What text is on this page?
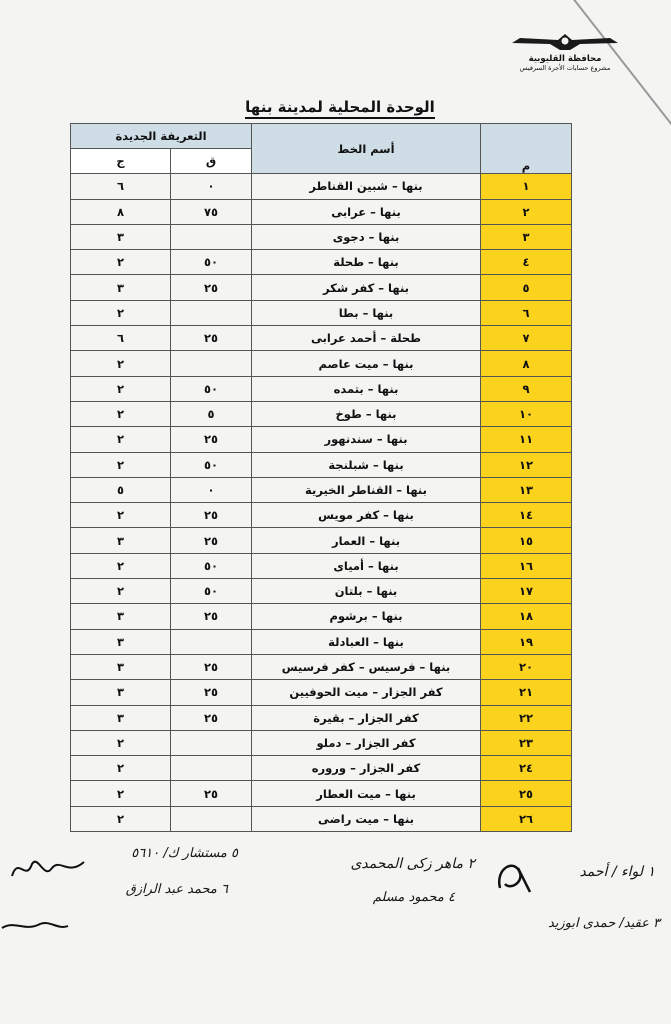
محافظة القليوبية
مشروع حسابات الأجرة السرفيس
الوحدة المحلية لمدينة بنها
التعريفة الجديدة		أسم الخط	م
ج	ق		
٦	٠	بنها – شبين القناطر	١
٨	٧٥	بنها – عرابى	٢
٣		بنها – دجوى	٣
٢	٥٠	بنها – طحلة	٤
٣	٢٥	بنها – كفر شكر	٥
٢		بنها – بطا	٦
٦	٢٥	طحلة – أحمد عرابى	٧
٢		بنها – ميت عاصم	٨
٢	٥٠	بنها – بتمده	٩
٢	٥	بنها – طوخ	١٠
٢	٢٥	بنها – سندنهور	١١
٢	٥٠	بنها – شبلنجة	١٢
٥	٠	بنها – القناطر الخيرية	١٣
٢	٢٥	بنها – كفر مويس	١٤
٣	٢٥	بنها – العمار	١٥
٢	٥٠	بنها – أمياى	١٦
٢	٥٠	بنها – بلتان	١٧
٣	٢٥	بنها – برشوم	١٨
٣		بنها – العبادلة	١٩
٣	٢٥	بنها – فرسيس – كفر فرسيس	٢٠
٣	٢٥	كفر الجزار – ميت الحوفيين	٢١
٣	٢٥	كفر الجزار – بقيرة	٢٢
٢		كفر الجزار – دملو	٢٣
٢		كفر الجزار – وروره	٢٤
٢	٢٥	بنها – ميت العطار	٢٥
٢		بنها – ميت راضى	٢٦
١ لواء / أحمد
٢ ماهر زكى المحمدى
٤ محمود مسلم
٥ مستشار ك/ ٥٦١٠
٦ محمد عبد الرازق
٣ عقيد/ حمدى ابوزيد
